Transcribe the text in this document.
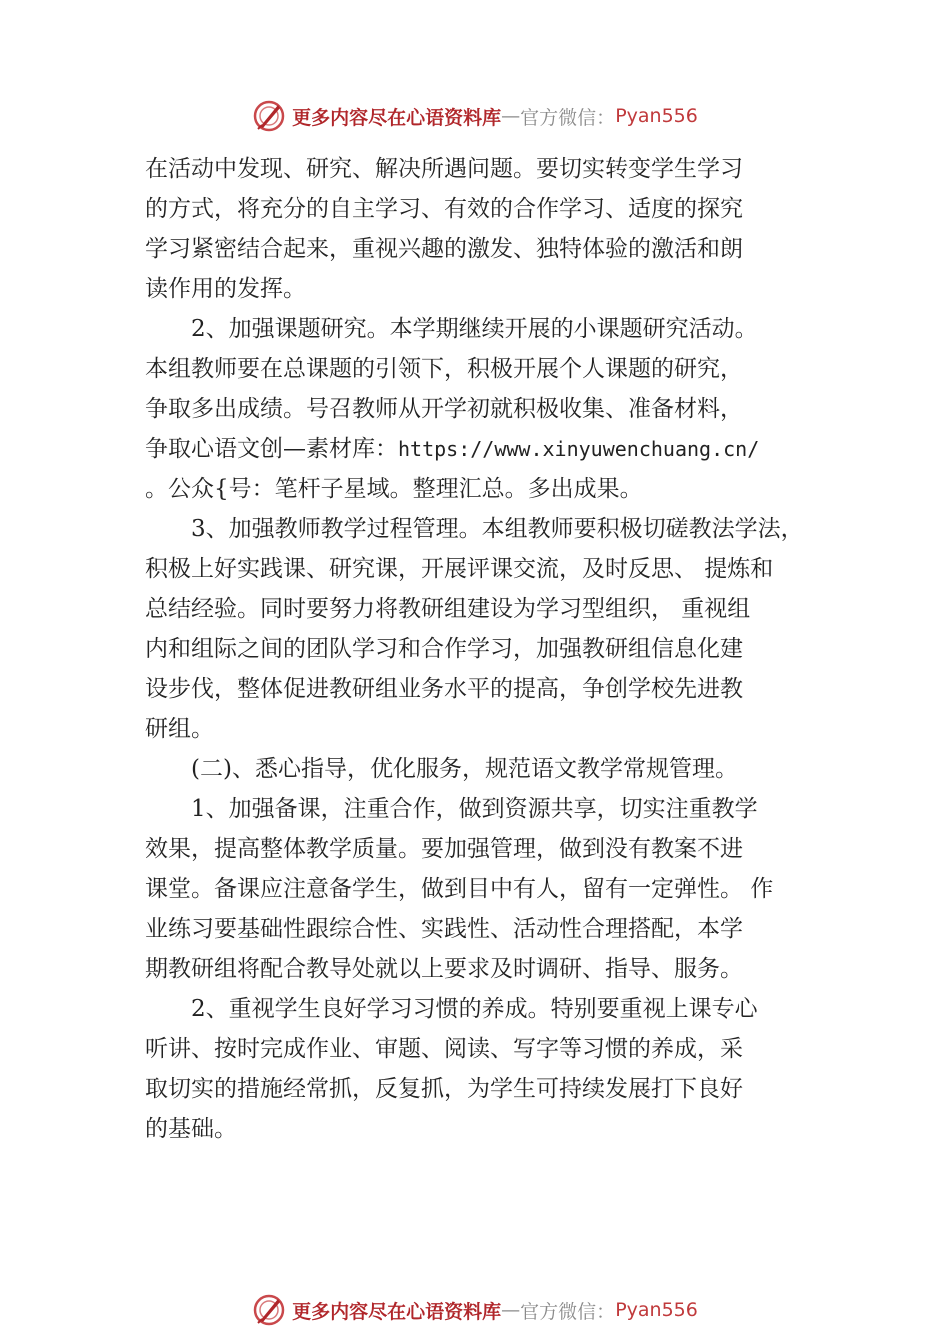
更多内容尽在心语资料库 — 官方微信： Pyan556
在活动中发现、研究、解决所遇问题。要切实转变学生学习
的方式，将充分的自主学习、有效的合作学习、适度的探究
学习紧密结合起来，重视兴趣的激发、独特体验的激活和朗
读作用的发挥。
2、加强课题研究。本学期继续开展的小课题研究活动。
本组教师要在总课题的引领下，积极开展个人课题的研究，
争取多出成绩。号召教师从开学初就积极收集、准备材料，
争取心语文创—素材库：https://www.xinyuwenchuang.cn/
。公众{号：笔杆子星域。整理汇总。多出成果。
3、加强教师教学过程管理。本组教师要积极切磋教法学法，
积极上好实践课、研究课，开展评课交流，及时反思、 提炼和
总结经验。同时要努力将教研组建设为学习型组织， 重视组
内和组际之间的团队学习和合作学习，加强教研组信息化建
设步伐，整体促进教研组业务水平的提高，争创学校先进教
研组。
(二)、悉心指导，优化服务，规范语文教学常规管理。
1、加强备课，注重合作，做到资源共享，切实注重教学
效果，提高整体教学质量。要加强管理，做到没有教案不进
课堂。备课应注意备学生，做到目中有人，留有一定弹性。 作
业练习要基础性跟综合性、实践性、活动性合理搭配，本学
期教研组将配合教导处就以上要求及时调研、指导、服务。
2、重视学生良好学习习惯的养成。特别要重视上课专心
听讲、按时完成作业、审题、阅读、写字等习惯的养成，采
取切实的措施经常抓，反复抓，为学生可持续发展打下良好
的基础。
更多内容尽在心语资料库 — 官方微信： Pyan556
